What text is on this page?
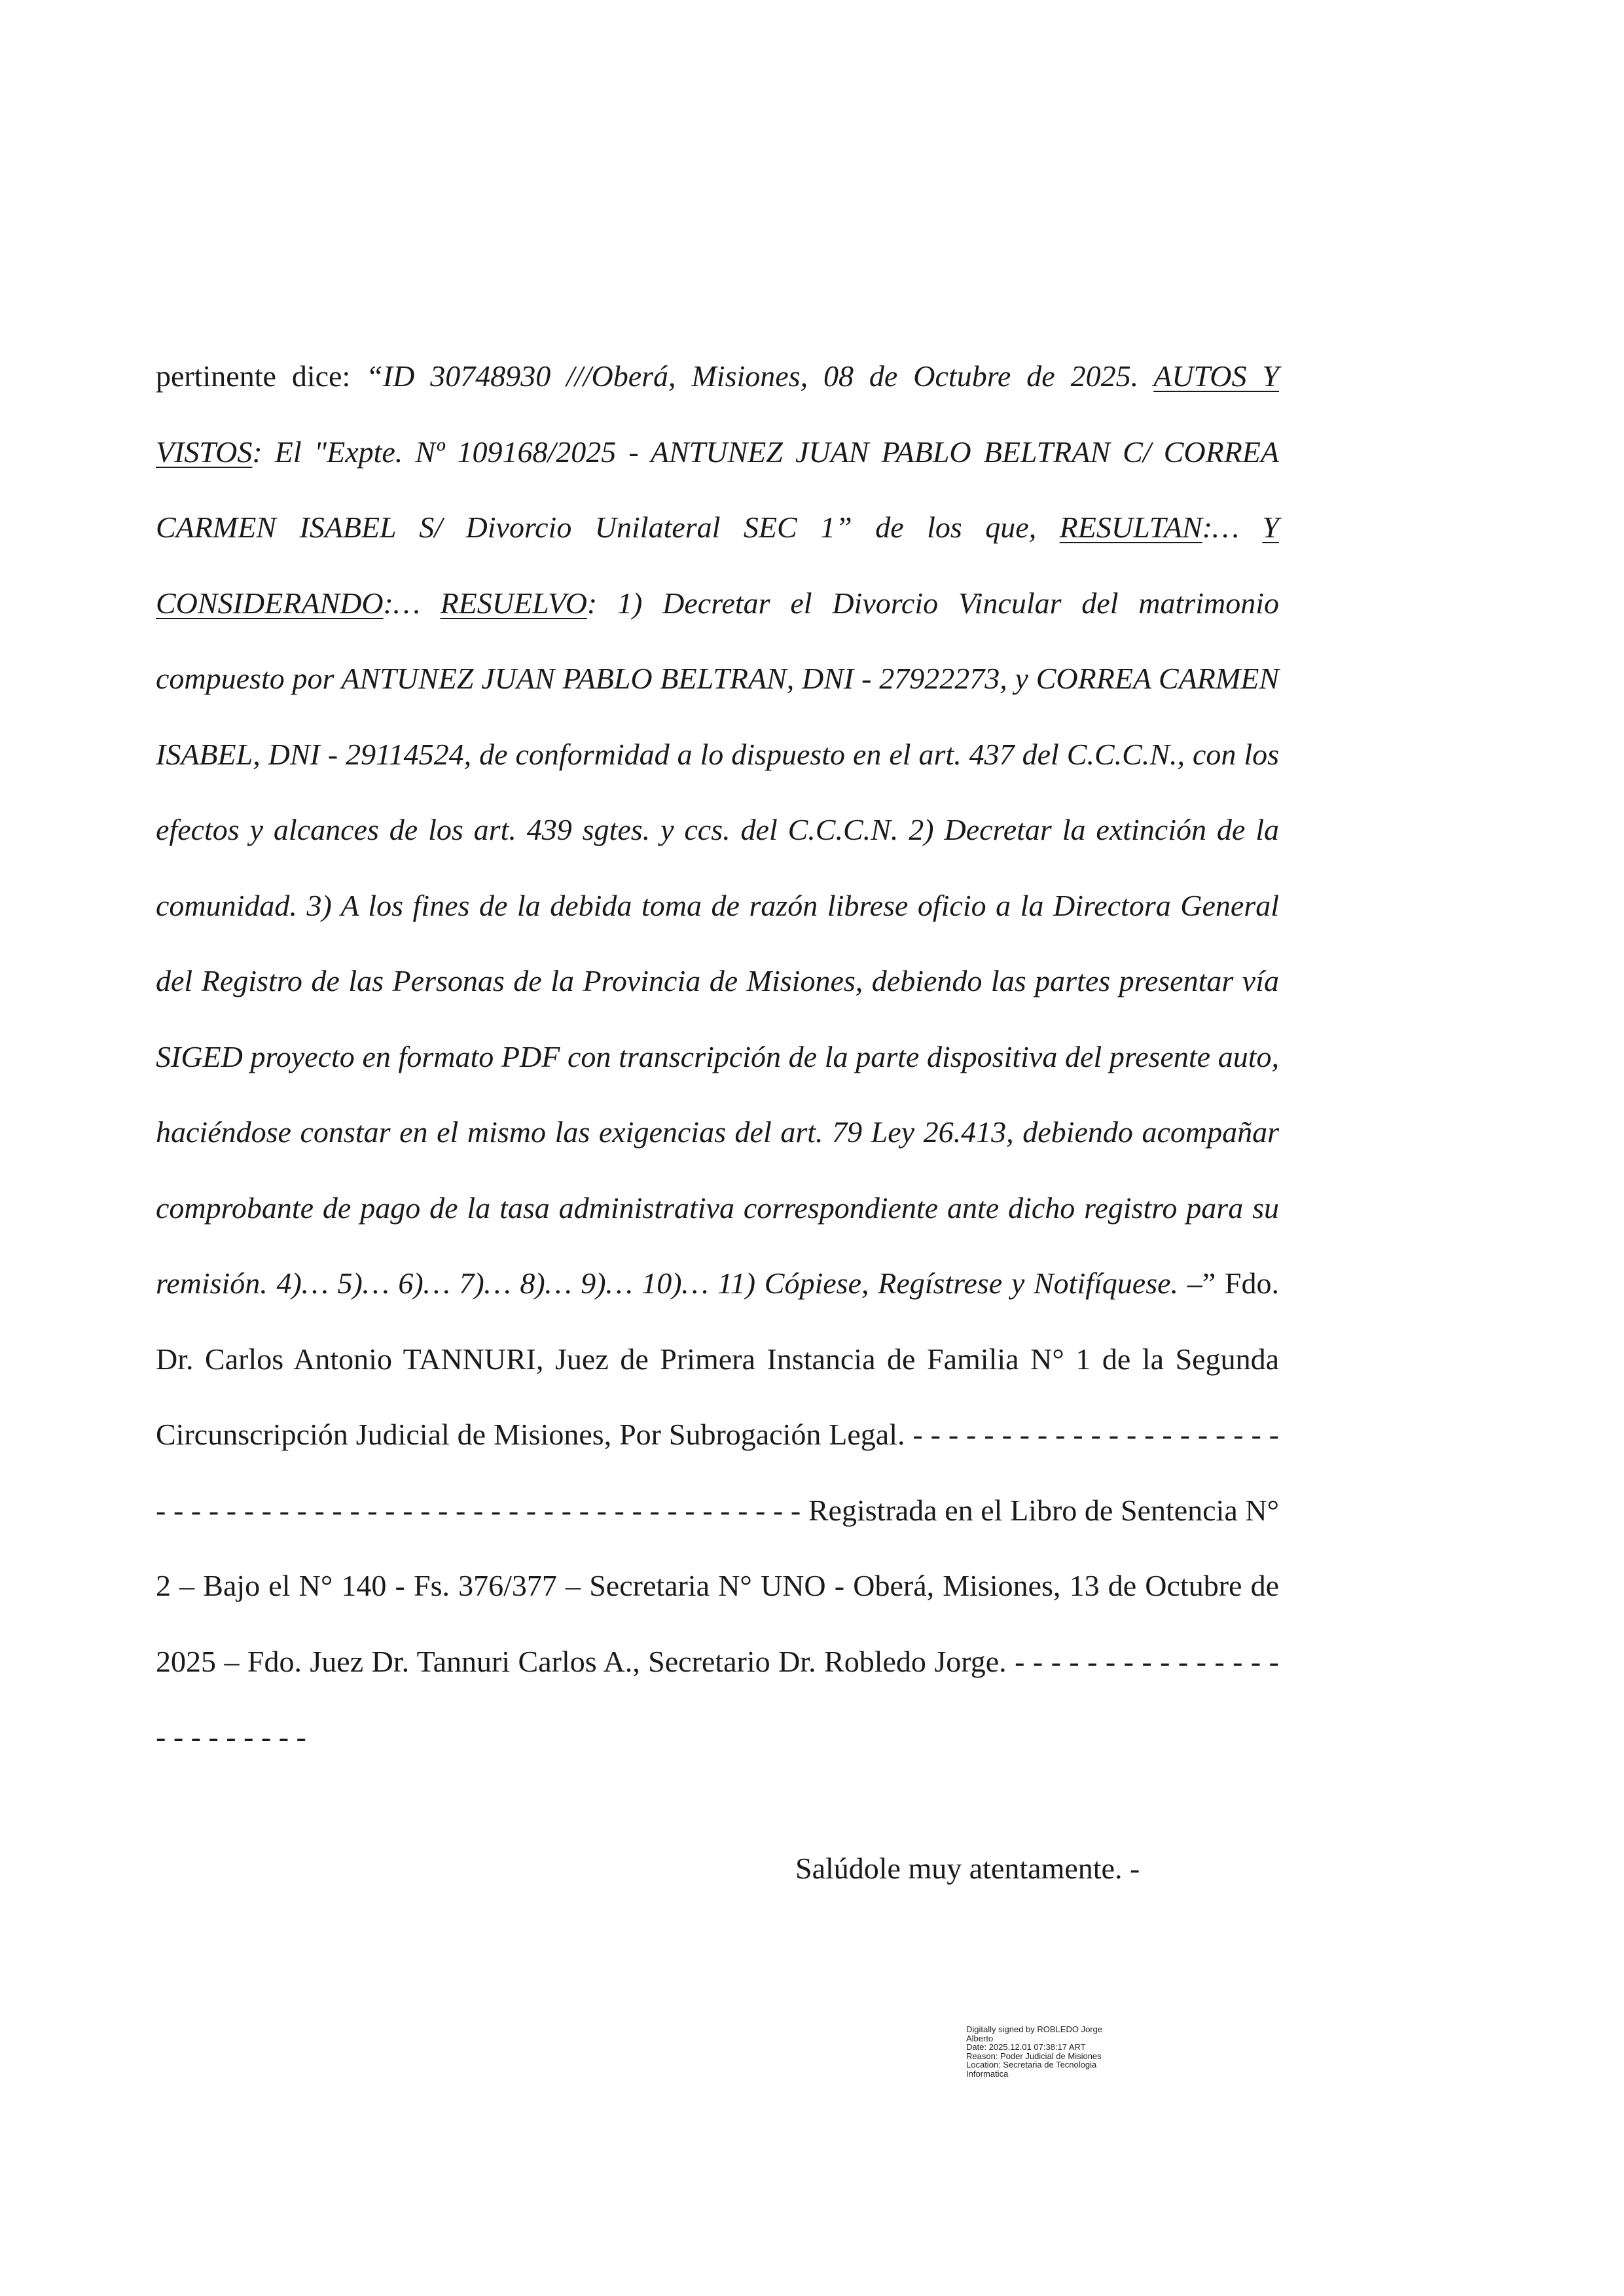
pertinente dice: “ID 30748930 ///Oberá, Misiones, 08 de Octubre de 2025. AUTOS Y VISTOS: El "Expte. Nº 109168/2025 - ANTUNEZ JUAN PABLO BELTRAN C/ CORREA CARMEN ISABEL S/ Divorcio Unilateral SEC 1” de los que, RESULTAN:… Y CONSIDERANDO:… RESUELVO: 1) Decretar el Divorcio Vincular del matrimonio compuesto por ANTUNEZ JUAN PABLO BELTRAN, DNI - 27922273, y CORREA CARMEN ISABEL, DNI - 29114524, de conformidad a lo dispuesto en el art. 437 del C.C.C.N., con los efectos y alcances de los art. 439 sgtes. y ccs. del C.C.C.N. 2) Decretar la extinción de la comunidad. 3) A los fines de la debida toma de razón librese oficio a la Directora General del Registro de las Personas de la Provincia de Misiones, debiendo las partes presentar vía SIGED proyecto en formato PDF con transcripción de la parte dispositiva del presente auto, haciéndose constar en el mismo las exigencias del art. 79 Ley 26.413, debiendo acompañar comprobante de pago de la tasa administrativa correspondiente ante dicho registro para su remisión. 4)… 5)… 6)… 7)… 8)… 9)… 10)… 11) Cópiese, Regístrese y Notifíquese. –” Fdo. Dr. Carlos Antonio TANNURI, Juez de Primera Instancia de Familia N° 1 de la Segunda Circunscripción Judicial de Misiones, Por Subrogación Legal. - - - - - - - - - - - - - - - - - - - - - - - - - - - - - - - - - - - - - - - - - - - - - - - - - - - - - - - - - - Registrada en el Libro de Sentencia N° 2 – Bajo el N° 140 - Fs. 376/377 – Secretaria N° UNO - Oberá, Misiones, 13 de Octubre de 2025 – Fdo. Juez Dr. Tannuri Carlos A., Secretario Dr. Robledo Jorge. - - - - - - - - - - - - - - - - - - - - - - - -

Salúdole muy atentamente. -

Digitally signed by ROBLEDO Jorge
Alberto
Date: 2025.12.01 07:38:17 ART
Reason: Poder Judicial de Misiones
Location: Secretaria de Tecnologia
Informatica
